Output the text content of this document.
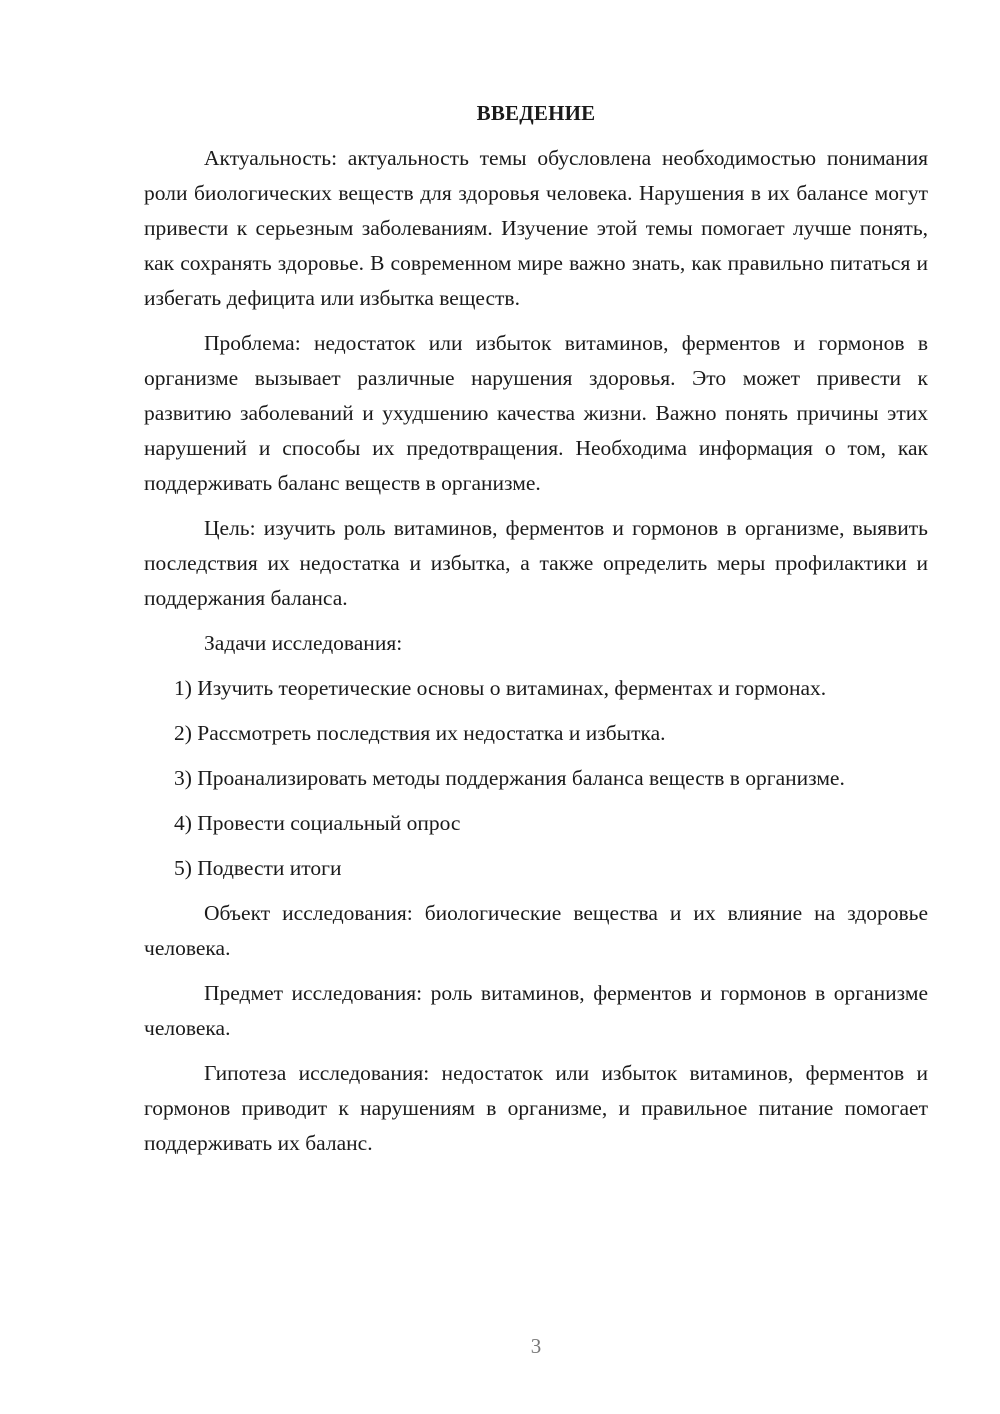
ВВЕДЕНИЕ

Актуальность: актуальность темы обусловлена необходимостью понимания роли биологических веществ для здоровья человека. Нарушения в их балансе могут привести к серьезным заболеваниям. Изучение этой темы помогает лучше понять, как сохранять здоровье. В современном мире важно знать, как правильно питаться и избегать дефицита или избытка веществ.

Проблема: недостаток или избыток витаминов, ферментов и гормонов в организме вызывает различные нарушения здоровья. Это может привести к развитию заболеваний и ухудшению качества жизни. Важно понять причины этих нарушений и способы их предотвращения. Необходима информация о том, как поддерживать баланс веществ в организме.

Цель: изучить роль витаминов, ферментов и гормонов в организме, выявить последствия их недостатка и избытка, а также определить меры профилактики и поддержания баланса.

Задачи исследования:

1) Изучить теоретические основы о витаминах, ферментах и гормонах.

2) Рассмотреть последствия их недостатка и избытка.

3) Проанализировать методы поддержания баланса веществ в организме.

4) Провести социальный опрос

5) Подвести итоги

Объект исследования: биологические вещества и их влияние на здоровье человека.

Предмет исследования: роль витаминов, ферментов и гормонов в организме человека.

Гипотеза исследования: недостаток или избыток витаминов, ферментов и гормонов приводит к нарушениям в организме, и правильное питание помогает поддерживать их баланс.

3
